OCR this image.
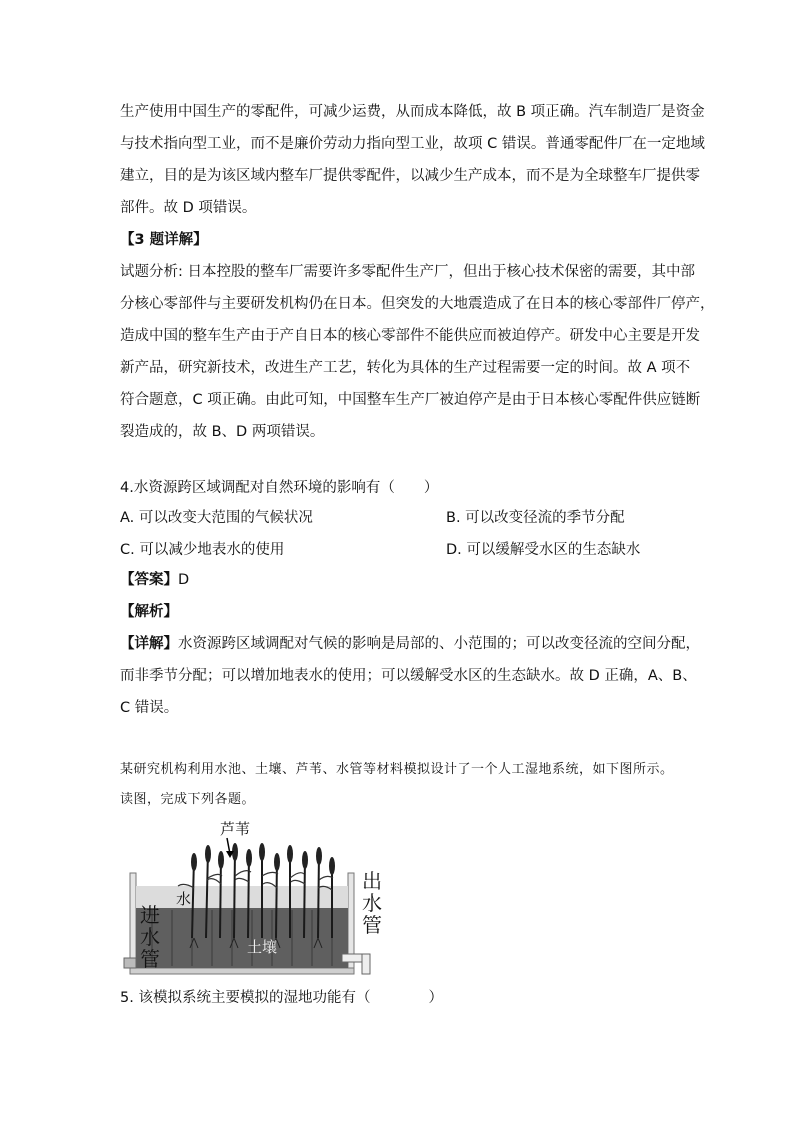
生产使用中国生产的零配件，可减少运费，从而成本降低，故 B 项正确。汽车制造厂是资金
与技术指向型工业，而不是廉价劳动力指向型工业，故项 C 错误。普通零配件厂在一定地域
建立，目的是为该区域内整车厂提供零配件，以减少生产成本，而不是为全球整车厂提供零
部件。故 D 项错误。
【3 题详解】
试题分析: 日本控股的整车厂需要许多零配件生产厂，但出于核心技术保密的需要，其中部
分核心零部件与主要研发机构仍在日本。但突发的大地震造成了在日本的核心零部件厂停产，
造成中国的整车生产由于产自日本的核心零部件不能供应而被迫停产。研发中心主要是开发
新产品，研究新技术，改进生产工艺，转化为具体的生产过程需要一定的时间。故 A 项不
符合题意，C 项正确。由此可知，中国整车生产厂被迫停产是由于日本核心零配件供应链断
裂造成的，故 B、D 两项错误。
4.水资源跨区域调配对自然环境的影响有（　　）
A. 可以改变大范围的气候状况	B. 可以改变径流的季节分配
C. 可以减少地表水的使用	D. 可以缓解受水区的生态缺水
【答案】D
【解析】
【详解】水资源跨区域调配对气候的影响是局部的、小范围的；可以改变径流的空间分配，
而非季节分配；可以增加地表水的使用；可以缓解受水区的生态缺水。故 D 正确，A、B、
C 错误。
某研究机构利用水池、土壤、芦苇、水管等材料模拟设计了一个人工湿地系统，如下图所示。
读图，完成下列各题。
芦苇
水
土壤
进
水
管
出
水
管
5. 该模拟系统主要模拟的湿地功能有（　　　　）
